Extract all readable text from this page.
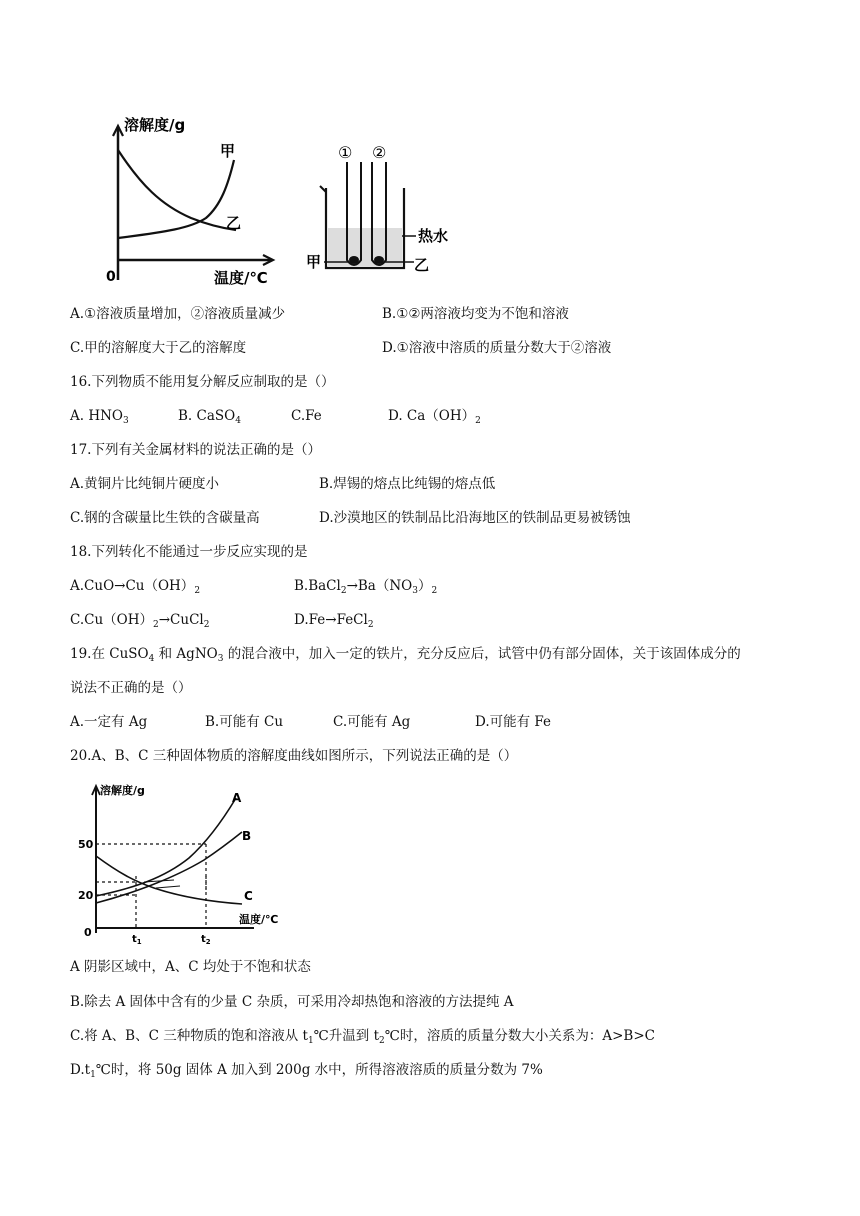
溶解度/g
温度/℃
0
甲
乙
① ②
热水
甲	乙
A.①溶液质量增加，②溶液质量减少	B.①②两溶液均变为不饱和溶液
C.甲的溶解度大于乙的溶解度	D.①溶液中溶质的质量分数大于②溶液
16.下列物质不能用复分解反应制取的是（）
A. $HNO_3$	B. CaSO$_4$	C.Fe	D. $Ca(OH)_2$
17.下列有关金属材料的说法正确的是（）
A.黄铜片比纯铜片硬度小	B.焊锡的熔点比纯锡的熔点低
C.钢的含碳量比生铁的含碳量高	D.沙漠地区的铁制品比沿海地区的铁制品更易被锈蚀
18.下列转化不能通过一步反应实现的是
$A.CuO\to Cu(OH)_2$	$B.BaCl_2\to Ba(NO_3)_2$
$C.Cu(OH)_2\to CuCl_2$	D.Fe→FeCl$_2$
19.在 CuSO$_4$ 和 AgNO$_3$ 的混合液中，加入一定的铁片，充分反应后，试管中仍有部分固体，关于该固体成分的
说法不正确的是（）
A.一定有 Ag	B.可能有 Cu	C.可能有 Ag	D.可能有 Fe
20.A、B、C 三种固体物质的溶解度曲线如图所示，下列说法正确的是（）
溶解度/g
温度/℃
50
20
0
$t_1$	$t_2$
A
B
C
A 阴影区域中，A、C 均处于不饱和状态
B.除去 A 固体中含有的少量 C 杂质，可采用冷却热饱和溶液的方法提纯 A
C.将 A、B、C 三种物质的饱和溶液从 $t_1℃$升温到 $t_2℃$时，溶质的质量分数大小关系为：A>B>C
$D.t_1℃$时，将 50g 固体 A 加入到 200g 水中，所得溶液溶质的质量分数为 7%
